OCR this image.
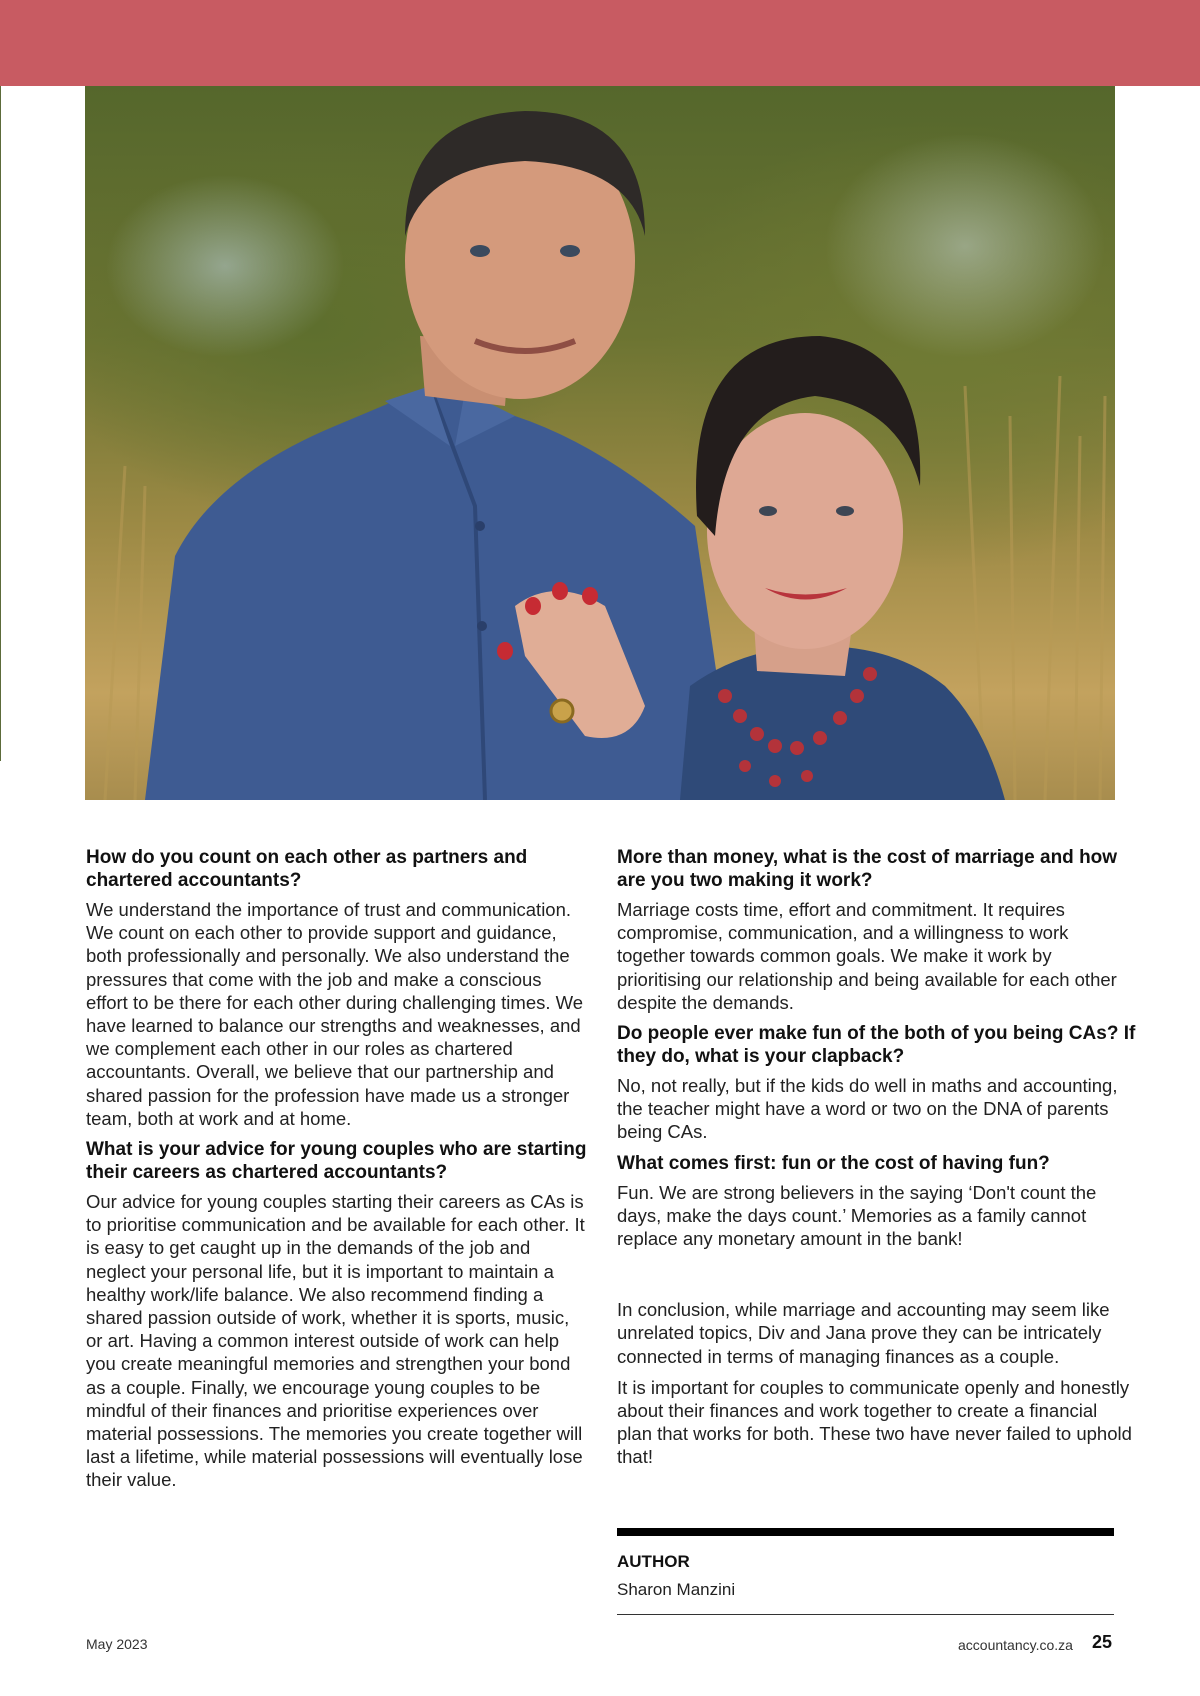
How do you count on each other as partners and chartered accountants?

We understand the importance of trust and communication. We count on each other to provide support and guidance, both professionally and personally. We also understand the pressures that come with the job and make a conscious effort to be there for each other during challenging times. We have learned to balance our strengths and weaknesses, and we complement each other in our roles as chartered accountants. Overall, we believe that our partnership and shared passion for the profession have made us a stronger team, both at work and at home.

What is your advice for young couples who are starting their careers as chartered accountants?

Our advice for young couples starting their careers as CAs is to prioritise communication and be available for each other. It is easy to get caught up in the demands of the job and neglect your personal life, but it is important to maintain a healthy work/life balance. We also recommend finding a shared passion outside of work, whether it is sports, music, or art. Having a common interest outside of work can help you create meaningful memories and strengthen your bond as a couple. Finally, we encourage young couples to be mindful of their finances and prioritise experiences over material possessions. The memories you create together will last a lifetime, while material possessions will eventually lose their value.

More than money, what is the cost of marriage and how are you two making it work?

Marriage costs time, effort and commitment. It requires compromise, communication, and a willingness to work together towards common goals. We make it work by prioritising our relationship and being available for each other despite the demands.

Do people ever make fun of the both of you being CAs? If they do, what is your clapback?

No, not really, but if the kids do well in maths and accounting, the teacher might have a word or two on the DNA of parents being CAs.

What comes first: fun or the cost of having fun?

Fun. We are strong believers in the saying ‘Don't count the days, make the days count.’ Memories as a family cannot replace any monetary amount in the bank!

In conclusion, while marriage and accounting may seem like unrelated topics, Div and Jana prove they can be intricately connected in terms of managing finances as a couple.

It is important for couples to communicate openly and honestly about their finances and work together to create a financial plan that works for both. These two have never failed to uphold that!

AUTHOR
Sharon Manzini
May 2023	accountancy.co.za 25
